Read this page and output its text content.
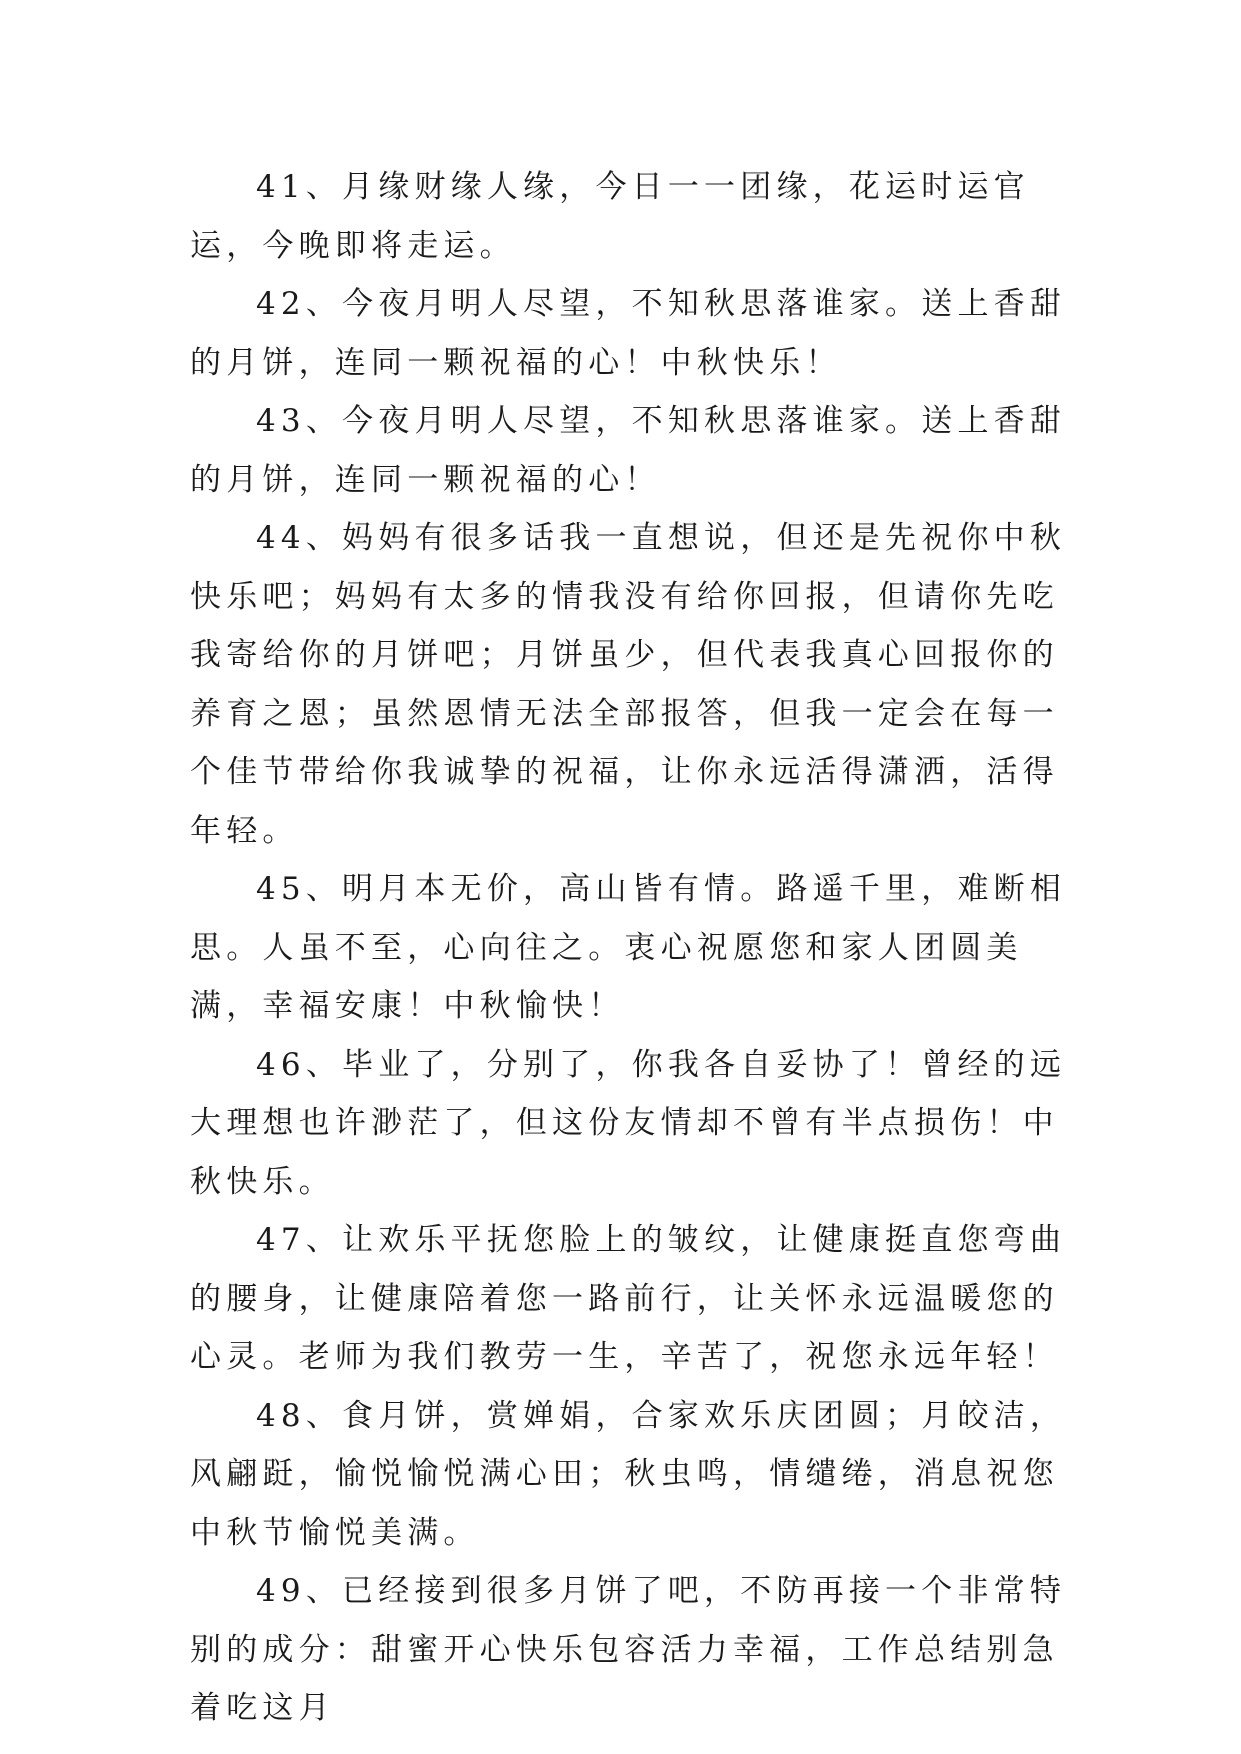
41、月缘财缘人缘，今日一一团缘，花运时运官运，今晚即将走运。

42、今夜月明人尽望，不知秋思落谁家。送上香甜的月饼，连同一颗祝福的心！中秋快乐！

43、今夜月明人尽望，不知秋思落谁家。送上香甜的月饼，连同一颗祝福的心！

44、妈妈有很多话我一直想说，但还是先祝你中秋快乐吧；妈妈有太多的情我没有给你回报，但请你先吃我寄给你的月饼吧；月饼虽少，但代表我真心回报你的养育之恩；虽然恩情无法全部报答，但我一定会在每一个佳节带给你我诚挚的祝福，让你永远活得潇洒，活得年轻。

45、明月本无价，高山皆有情。路遥千里，难断相思。人虽不至，心向往之。衷心祝愿您和家人团圆美满，幸福安康！中秋愉快！

46、毕业了，分别了，你我各自妥协了！曾经的远大理想也许渺茫了，但这份友情却不曾有半点损伤！中秋快乐。

47、让欢乐平抚您脸上的皱纹，让健康挺直您弯曲的腰身，让健康陪着您一路前行，让关怀永远温暖您的心灵。老师为我们教劳一生，辛苦了，祝您永远年轻！

48、食月饼，赏婵娟，合家欢乐庆团圆；月皎洁，风翩跹，愉悦愉悦满心田；秋虫鸣，情缱绻，消息祝您中秋节愉悦美满。

49、已经接到很多月饼了吧，不防再接一个非常特别的成分：甜蜜开心快乐包容活力幸福，工作总结别急着吃这月
